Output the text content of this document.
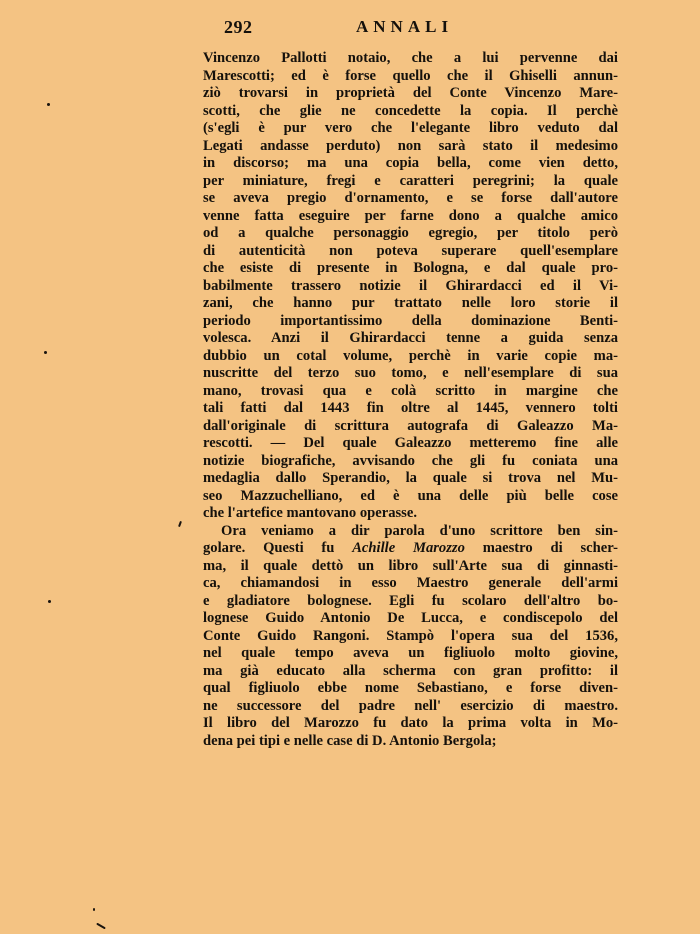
292	ANNALI
Vincenzo Pallotti notaio, che a lui pervenne dai
Marescotti; ed è forse quello che il Ghiselli annun-
ziò trovarsi in proprietà del Conte Vincenzo Mare-
scotti, che glie ne concedette la copia. Il perchè
(s'egli è pur vero che l'elegante libro veduto dal
Legati andasse perduto) non sarà stato il medesimo
in discorso; ma una copia bella, come vien detto,
per miniature, fregi e caratteri peregrini; la quale
se aveva pregio d'ornamento, e se forse dall'autore
venne fatta eseguire per farne dono a qualche amico
od a qualche personaggio egregio, per titolo però
di autenticità non poteva superare quell'esemplare
che esiste di presente in Bologna, e dal quale pro-
babilmente trassero notizie il Ghirardacci ed il Vi-
zani, che hanno pur trattato nelle loro storie il
periodo importantissimo della dominazione Benti-
volesca. Anzi il Ghirardacci tenne a guida senza
dubbio un cotal volume, perchè in varie copie ma-
nuscritte del terzo suo tomo, e nell'esemplare di sua
mano, trovasi qua e colà scritto in margine che
tali fatti dal 1443 fin oltre al 1445, vennero tolti
dall'originale di scrittura autografa di Galeazzo Ma-
rescotti. — Del quale Galeazzo metteremo fine alle
notizie biografiche, avvisando che gli fu coniata una
medaglia dallo Sperandio, la quale si trova nel Mu-
seo Mazzuchelliano, ed è una delle più belle cose
che l'artefice mantovano operasse.
Ora veniamo a dir parola d'uno scrittore ben sin-
golare. Questi fu Achille Marozzo maestro di scher-
ma, il quale dettò un libro sull'Arte sua di ginnasti-
ca, chiamandosi in esso Maestro generale dell'armi
e gladiatore bolognese. Egli fu scolaro dell'altro bo-
lognese Guido Antonio De Lucca, e condiscepolo del
Conte Guido Rangoni. Stampò l'opera sua del 1536,
nel quale tempo aveva un figliuolo molto giovine,
ma già educato alla scherma con gran profitto: il
qual figliuolo ebbe nome Sebastiano, e forse diven-
ne successore del padre nell' esercizio di maestro.
Il libro del Marozzo fu dato la prima volta in Mo-
dena pei tipi e nelle case di D. Antonio Bergola;
